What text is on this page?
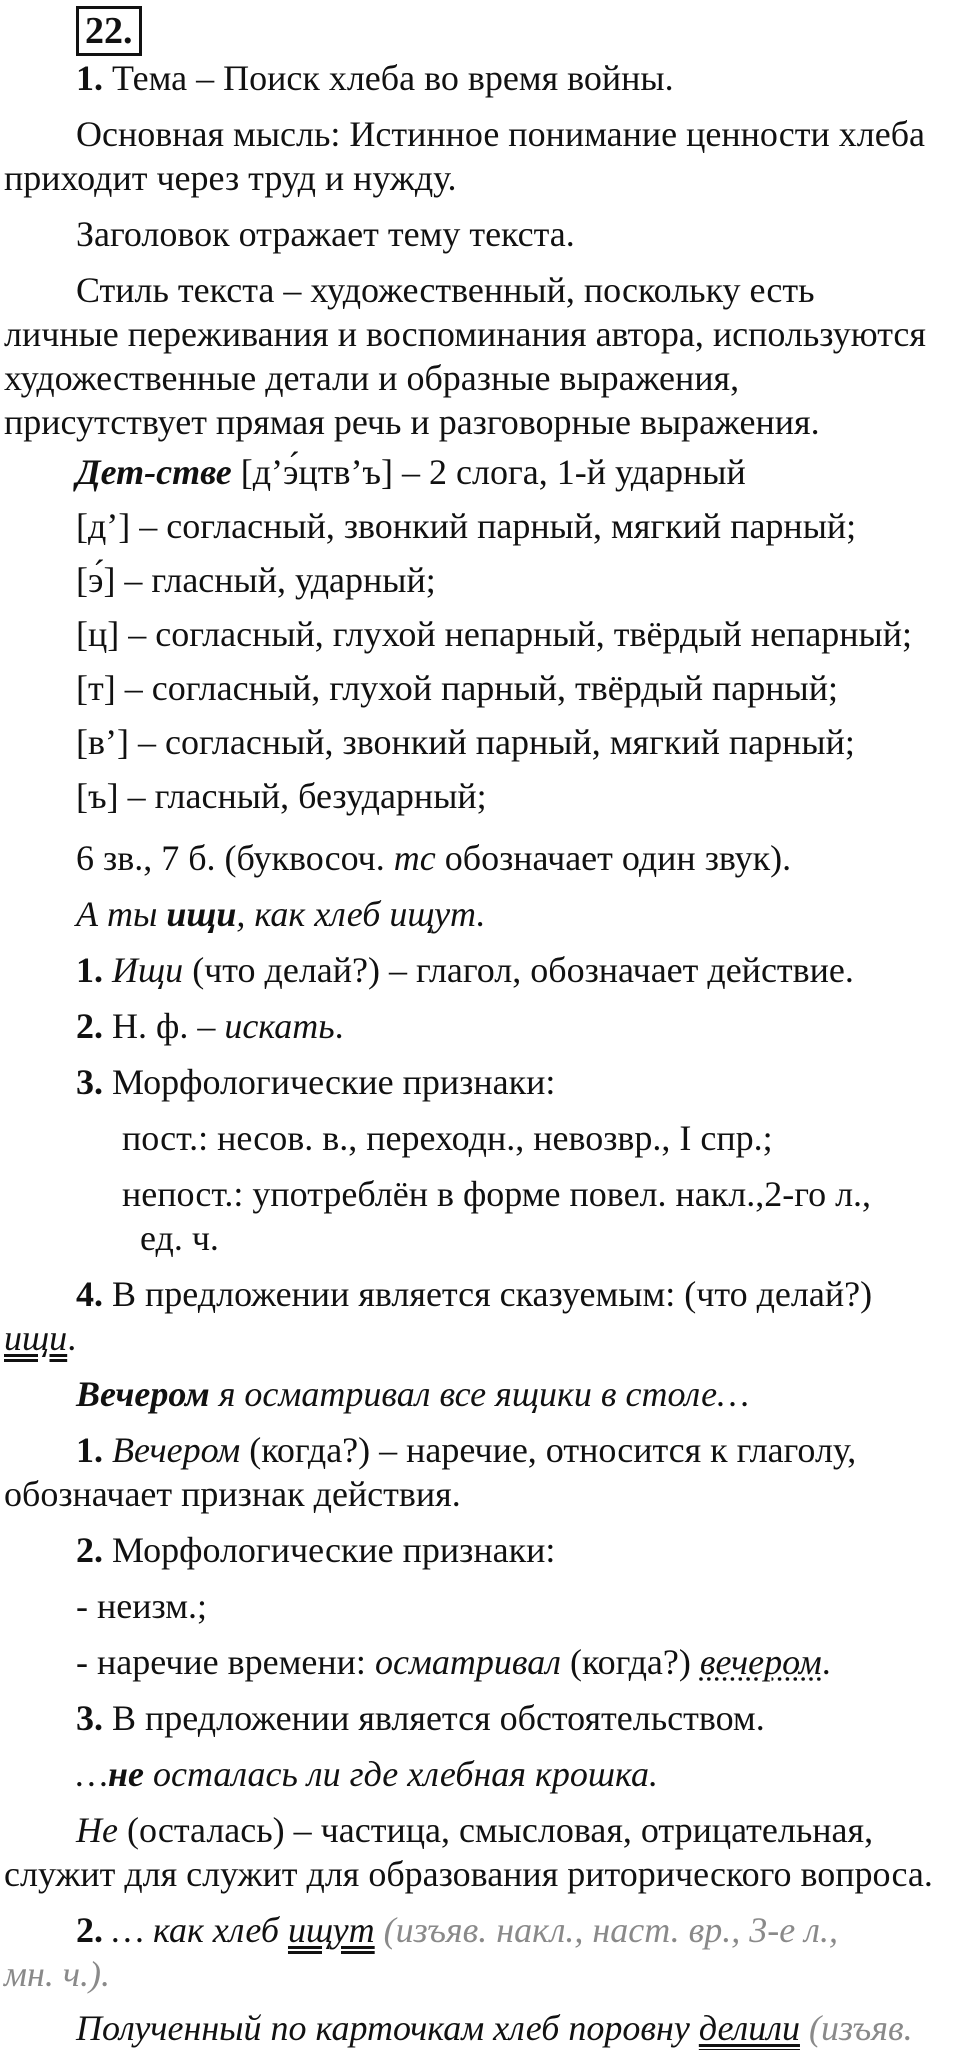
22.
1. Тема – Поиск хлеба во время войны.
Основная мысль: Истинное понимание ценности хлеба
приходит через труд и нужду.
Заголовок отражает тему текста.
Стиль текста – художественный, поскольку есть
личные переживания и воспоминания автора, используются
художественные детали и образные выражения,
присутствует прямая речь и разговорные выражения.
Дет-стве [д’э́цтв’ъ] – 2 слога, 1-й ударный
[д’] – согласный, звонкий парный, мягкий парный;
[э́] – гласный, ударный;
[ц] – согласный, глухой непарный, твёрдый непарный;
[т] – согласный, глухой парный, твёрдый парный;
[в’] – согласный, звонкий парный, мягкий парный;
[ъ] – гласный, безударный;
6 зв., 7 б. (буквосоч. тс обозначает один звук).
А ты ищи, как хлеб ищут.
1. Ищи (что делай?) – глагол, обозначает действие.
2. Н. ф. – искать.
3. Морфологические признаки:
пост.: несов. в., переходн., невозвр., I спр.;
непост.: употреблён в форме повел. накл.,2-го л.,
ед. ч.
4. В предложении является сказуемым: (что делай?)
ищи.
Вечером я осматривал все ящики в столе…
1. Вечером (когда?) – наречие, относится к глаголу,
обозначает признак действия.
2. Морфологические признаки:
- неизм.;
- наречие времени: осматривал (когда?) вечером.
3. В предложении является обстоятельством.
…не осталась ли где хлебная крошка.
Не (осталась) – частица, смысловая, отрицательная,
служит для служит для образования риторического вопроса.
2. … как хлеб ищут (изъяв. накл., наст. вр., 3-е л.,
мн. ч.).
Полученный по карточкам хлеб поровну делили (изъяв.
